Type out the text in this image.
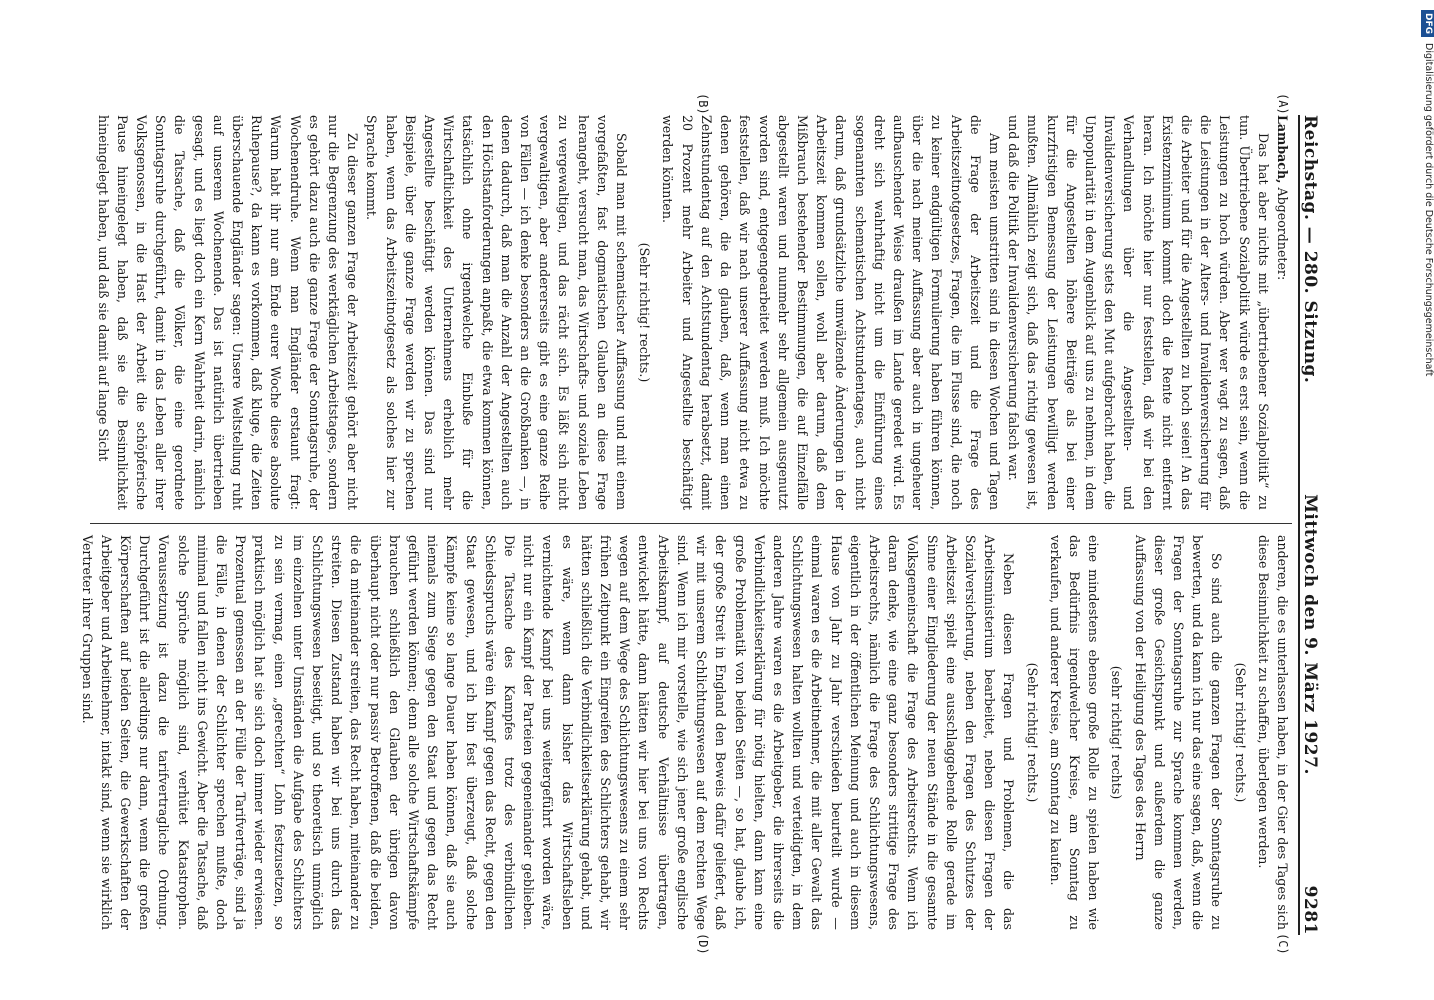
Reichstag. — 280. Sitzung.
Mittwoch den 9. März 1927.
9281
(A)
(B)
(C)
(D)

Lambach, Abgeordneter:

Das hat aber nichts mit „übertriebener Sozialpolitik“ zu tun. Übertriebene Sozialpolitik würde es erst sein, wenn die Leistungen zu hoch würden. Aber wer wagt zu sagen, daß die Leistungen in der Alters- und Invalidenversicherung für die Arbeiter und für die Angestellten zu hoch seien! An das Existenzminimum kommt doch die Rente nicht entfernt heran. Ich möchte hier nur feststellen, daß wir bei den Verhandlungen über die Angestellten- und Invalidenversicherung stets den Mut aufgebracht haben, die Unpopularität in dem Augenblick auf uns zu nehmen, in dem für die Angestellten höhere Beiträge als bei einer kurzfristigen Bemessung der Leistungen bewilligt werden mußten. Allmählich zeigt sich, daß das richtig gewesen ist, und daß die Politik der Invalidenversicherung falsch war.

Am meisten umstritten sind in diesen Wochen und Tagen die Frage der Arbeitszeit und die Frage des Arbeitszeitnotgesetzes, Fragen, die im Flusse sind, die noch zu keiner endgültigen Formulierung haben führen können, über die nach meiner Auffassung aber auch in ungeheuer aufbauschender Weise draußen im Lande geredet wird. Es dreht sich wahrhaftig nicht um die Einführung eines sogenannten schematischen Achtstundentages, auch nicht darum, daß grundsätzliche umwälzende Änderungen in der Arbeitszeit kommen sollen, wohl aber darum, daß dem Mißbrauch bestehender Bestimmungen, die auf Einzelfälle abgestellt waren und nunmehr sehr allgemein ausgenutzt worden sind, entgegengearbeitet werden muß. Ich möchte feststellen, daß wir nach unserer Auffassung nicht etwa zu denen gehören, die da glauben, daß, wenn man einen Zehnstundentag auf den Achtstundentag herabsetzt, damit 20 Prozent mehr Arbeiter und Angestellte beschäftigt werden könnten.

(Sehr richtig! rechts.)

Sobald man mit schematischer Auffassung und mit einem vorgefaßten, fast dogmatischen Glauben an diese Frage herangeht, versucht man, das Wirtschafts- und soziale Leben zu vergewaltigen, und das rächt sich. Es läßt sich nicht vergewaltigen, aber andererseits gibt es eine ganze Reihe von Fällen — ich denke besonders an die Großbanken —, in denen dadurch, daß man die Anzahl der Angestellten auch den Höchstanforderungen anpaßt, die etwa kommen können, tatsächlich ohne irgendwelche Einbuße für die Wirtschaftlichkeit des Unternehmens erheblich mehr Angestellte beschäftigt werden können. Das sind nur Beispiele, über die ganze Frage werden wir zu sprechen haben, wenn das Arbeitszeitnotgesetz als solches hier zur Sprache kommt.

Zu dieser ganzen Frage der Arbeitszeit gehört aber nicht nur die Begrenzung des werktäglichen Arbeitstages, sondern es gehört dazu auch die ganze Frage der Sonntagsruhe, der Wochenendruhe. Wenn man Engländer erstaunt fragt: Warum habt ihr nur am Ende eurer Woche diese absolute Ruhepause?, da kann es vorkommen, daß kluge, die Zeiten überschauende Engländer sagen: Unsere Weltstellung ruht auf unserem Wochenende. Das ist natürlich übertrieben gesagt, und es liegt doch ein Kern Wahrheit darin, nämlich die Tatsache, daß die Völker, die eine geordnete Sonntagsruhe durchgeführt, damit in das Leben aller ihrer Volksgenossen, in die Hast der Arbeit die schöpferische Pause hineingelegt haben, daß sie die Besinnlichkeit hineingelegt haben, und daß sie damit auf lange Sicht

anderen, die es unterlassen haben, in der Gier des Tages sich diese Besinnlichkeit zu schaffen, überlegen werden.

(Sehr richtig! rechts.)

So sind auch die ganzen Fragen der Sonntagsruhe zu bewerten, und da kann ich nur das eine sagen, daß, wenn die Fragen der Sonntagsruhe zur Sprache kommen werden, dieser große Gesichtspunkt und außerdem die ganze Auffassung von der Heiligung des Tages des Herrn

(sehr richtig! rechts)

eine mindestens ebenso große Rolle zu spielen haben wie das Bedürfnis irgendwelcher Kreise, am Sonntag zu verkaufen, und anderer Kreise, am Sonntag zu kaufen.

(Sehr richtig! rechts.)

Neben diesen Fragen und Problemen, die das Arbeitsministerium bearbeitet, neben diesen Fragen der Sozialversicherung, neben den Fragen des Schutzes der Arbeitszeit spielt eine ausschlaggebende Rolle gerade im Sinne einer Eingliederung der neuen Stände in die gesamte Volksgemeinschaft die Frage des Arbeitsrechts. Wenn ich daran denke, wie eine ganz besonders strittige Frage des Arbeitsrechts, nämlich die Frage des Schlichtungswesens, eigentlich in der öffentlichen Meinung und auch in diesem Hause von Jahr zu Jahr verschieden beurteilt wurde — einmal waren es die Arbeitnehmer, die mit aller Gewalt das Schlichtungswesen halten wollten und verteidigten, in dem anderen Jahre waren es die Arbeitgeber, die ihrerseits die Verbindlichkeitserklärung für nötig hielten, dann kam eine große Problematik von beiden Seiten —, so hat, glaube ich, der große Streit in England den Beweis dafür geliefert, daß wir mit unserem Schlichtungswesen auf dem rechten Wege sind. Wenn ich mir vorstelle, wie sich jener große englische Arbeitskampf, auf deutsche Verhältnisse übertragen, entwickelt hätte, dann hätten wir hier bei uns von Rechts wegen auf dem Wege des Schlichtungswesens zu einem sehr frühen Zeitpunkt ein Eingreifen des Schlichters gehabt, wir hätten schließlich die Verbindlichkeitserklärung gehabt, und es wäre, wenn dann bisher das Wirtschaftsleben vernichtende Kampf bei uns weitergeführt worden wäre, nicht nur ein Kampf der Parteien gegeneinander geblieben. Die Tatsache des Kampfes trotz des verbindlichen Schiedsspruchs wäre ein Kampf gegen das Recht, gegen den Staat gewesen, und ich bin fest überzeugt, daß solche Kämpfe keine so lange Dauer haben können, daß sie auch niemals zum Siege gegen den Staat und gegen das Recht geführt werden können; denn alle solche Wirtschaftskämpfe brauchen schließlich den Glauben der übrigen davon überhaupt nicht oder nur passiv Betroffenen, daß die beiden, die da miteinander streiten, das Recht haben, miteinander zu streiten. Diesen Zustand haben wir bei uns durch das Schlichtungswesen beseitigt, und so theoretisch unmöglich im einzelnen unter Umständen die Aufgabe des Schlichters zu sein vermag, einen „gerechten“ Lohn festzusetzen, so praktisch möglich hat sie sich doch immer wieder erwiesen. Prozentual gemessen an der Fülle der Tarifverträge, sind ja die Fälle, in denen der Schlichter sprechen mußte, doch minimal und fallen nicht ins Gewicht. Aber die Tatsache, daß solche Sprüche möglich sind, verhütet Katastrophen. Voraussetzung ist dazu die tarifvertragliche Ordnung. Durchgeführt ist die allerdings nur dann, wenn die großen Körperschaften auf beiden Seiten, die Gewerkschaften der Arbeitgeber und Arbeitnehmer, intakt sind, wenn sie wirklich Vertreter ihrer Gruppen sind.

DFGDigitalisierung gefördert durch die Deutsche Forschungsgemeinschaft
